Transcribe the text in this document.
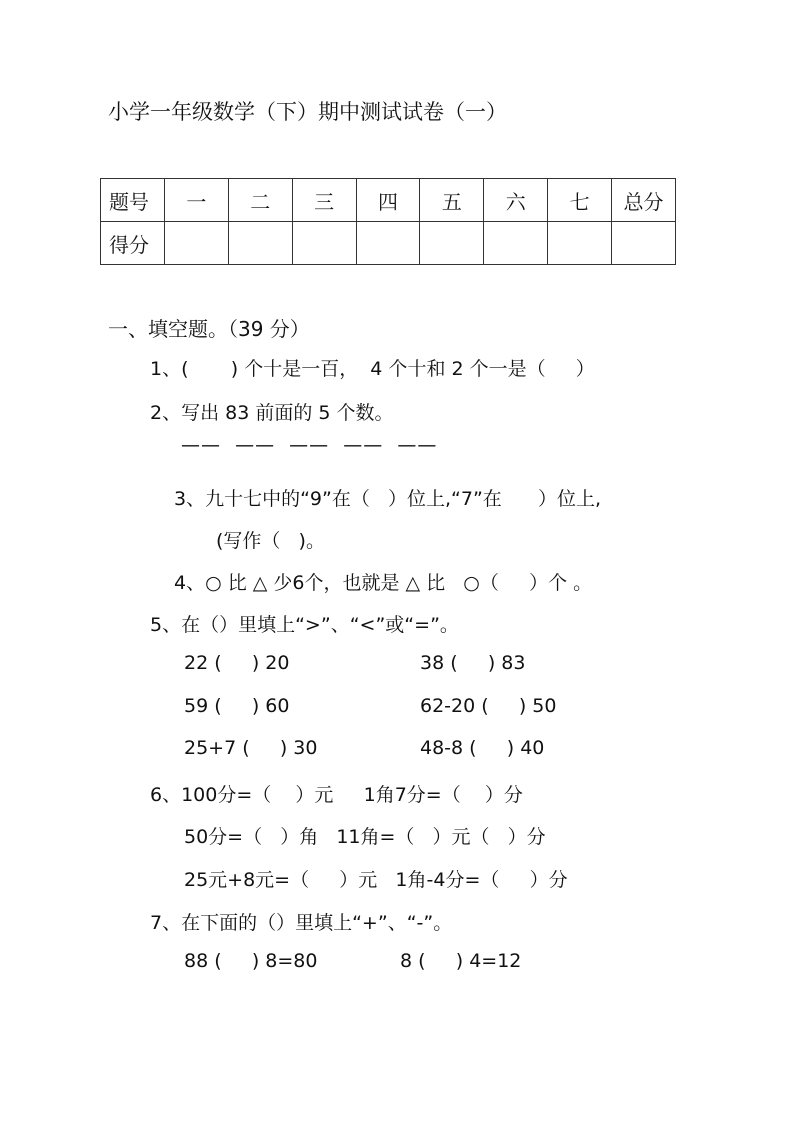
小学一年级数学（下）期中测试试卷（一）
题号	一	二	三	四	五	六	七	总分
得分								
一、填空题。（39 分）
1、(       ) 个十是一百，  4 个十和 2 个一是（     ）
2、写出 83 前面的 5 个数。
——  ——  ——  ——  ——
3、九十七中的“9”在（   ）位上,“7”在      ）位上,
(写作（   )。
4、○ 比 △ 少6个，也就是 △ 比   ○（     ）个 。
5、在（）里填上“>”、“<”或“=”。
22 (     ) 20	38 (     ) 83
59 (     ) 60	62-20 (     ) 50
25+7 (     ) 30	48-8 (     ) 40
6、100分=（    ）元     1角7分=（    ）分
50分=（   ）角   11角=（   ）元（   ）分
25元+8元=（     ）元   1角-4分=（     ）分
7、在下面的（）里填上“+”、“-”。
88 (     ) 8=80	8 (     ) 4=12
